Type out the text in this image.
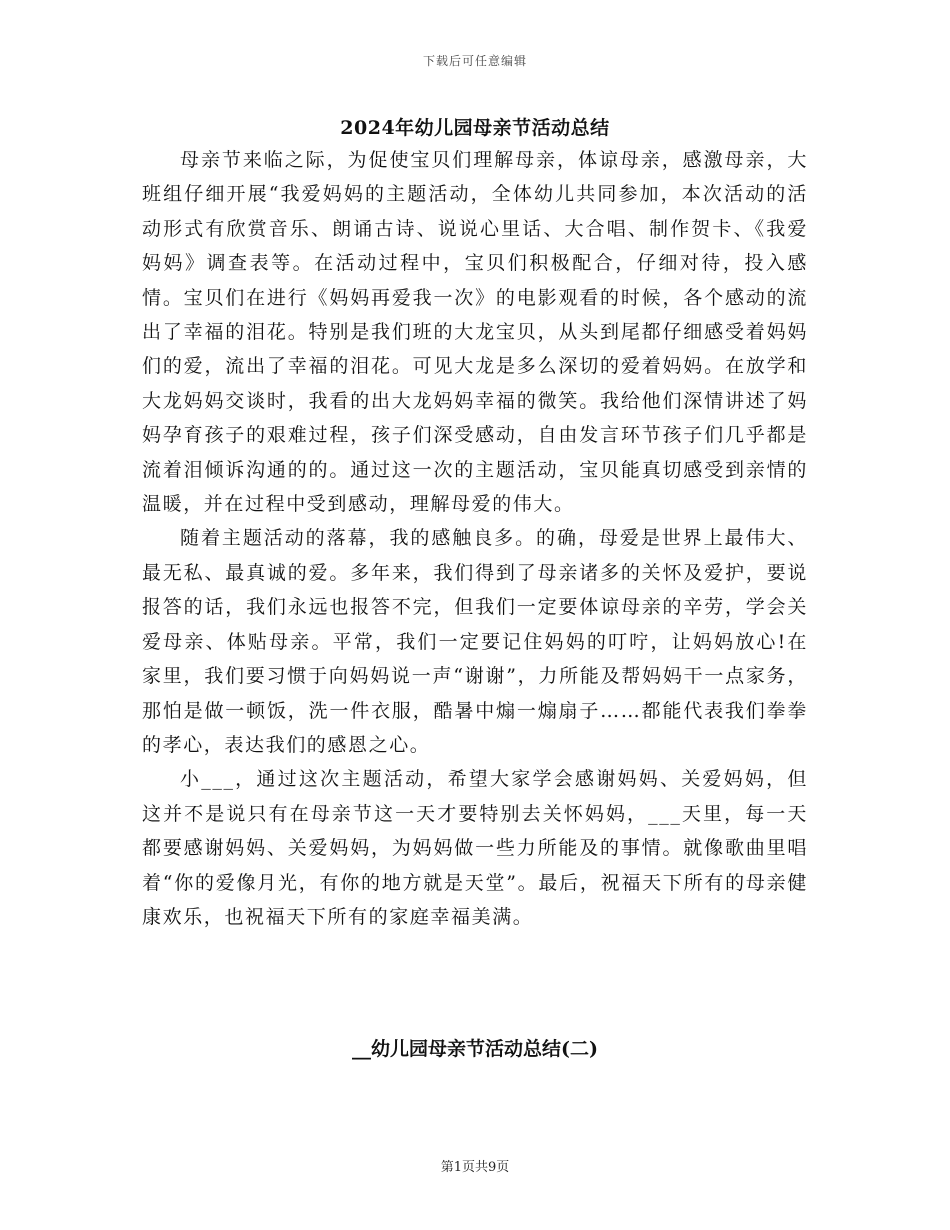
下载后可任意编辑
2024年幼儿园母亲节活动总结

母亲节来临之际，为促使宝贝们理解母亲，体谅母亲，感激母亲，大班组仔细开展“我爱妈妈的主题活动，全体幼儿共同参加，本次活动的活动形式有欣赏音乐、朗诵古诗、说说心里话、大合唱、制作贺卡、《我爱妈妈》调查表等。在活动过程中，宝贝们积极配合，仔细对待，投入感情。宝贝们在进行《妈妈再爱我一次》的电影观看的时候，各个感动的流出了幸福的泪花。特别是我们班的大龙宝贝，从头到尾都仔细感受着妈妈们的爱，流出了幸福的泪花。可见大龙是多么深切的爱着妈妈。在放学和大龙妈妈交谈时，我看的出大龙妈妈幸福的微笑。我给他们深情讲述了妈妈孕育孩子的艰难过程，孩子们深受感动，自由发言环节孩子们几乎都是流着泪倾诉沟通的的。通过这一次的主题活动，宝贝能真切感受到亲情的温暖，并在过程中受到感动，理解母爱的伟大。

随着主题活动的落幕，我的感触良多。的确，母爱是世界上最伟大、最无私、最真诚的爱。多年来，我们得到了母亲诸多的关怀及爱护，要说报答的话，我们永远也报答不完，但我们一定要体谅母亲的辛劳，学会关爱母亲、体贴母亲。平常，我们一定要记住妈妈的叮咛，让妈妈放心!在家里，我们要习惯于向妈妈说一声“谢谢”，力所能及帮妈妈干一点家务，那怕是做一顿饭，洗一件衣服，酷暑中煽一煽扇子……都能代表我们拳拳的孝心，表达我们的感恩之心。

小___，通过这次主题活动，希望大家学会感谢妈妈、关爱妈妈，但这并不是说只有在母亲节这一天才要特别去关怀妈妈，___天里，每一天都要感谢妈妈、关爱妈妈，为妈妈做一些力所能及的事情。就像歌曲里唱着“你的爱像月光，有你的地方就是天堂”。最后，祝福天下所有的母亲健康欢乐，也祝福天下所有的家庭幸福美满。

__幼儿园母亲节活动总结(二)
第1页共9页
